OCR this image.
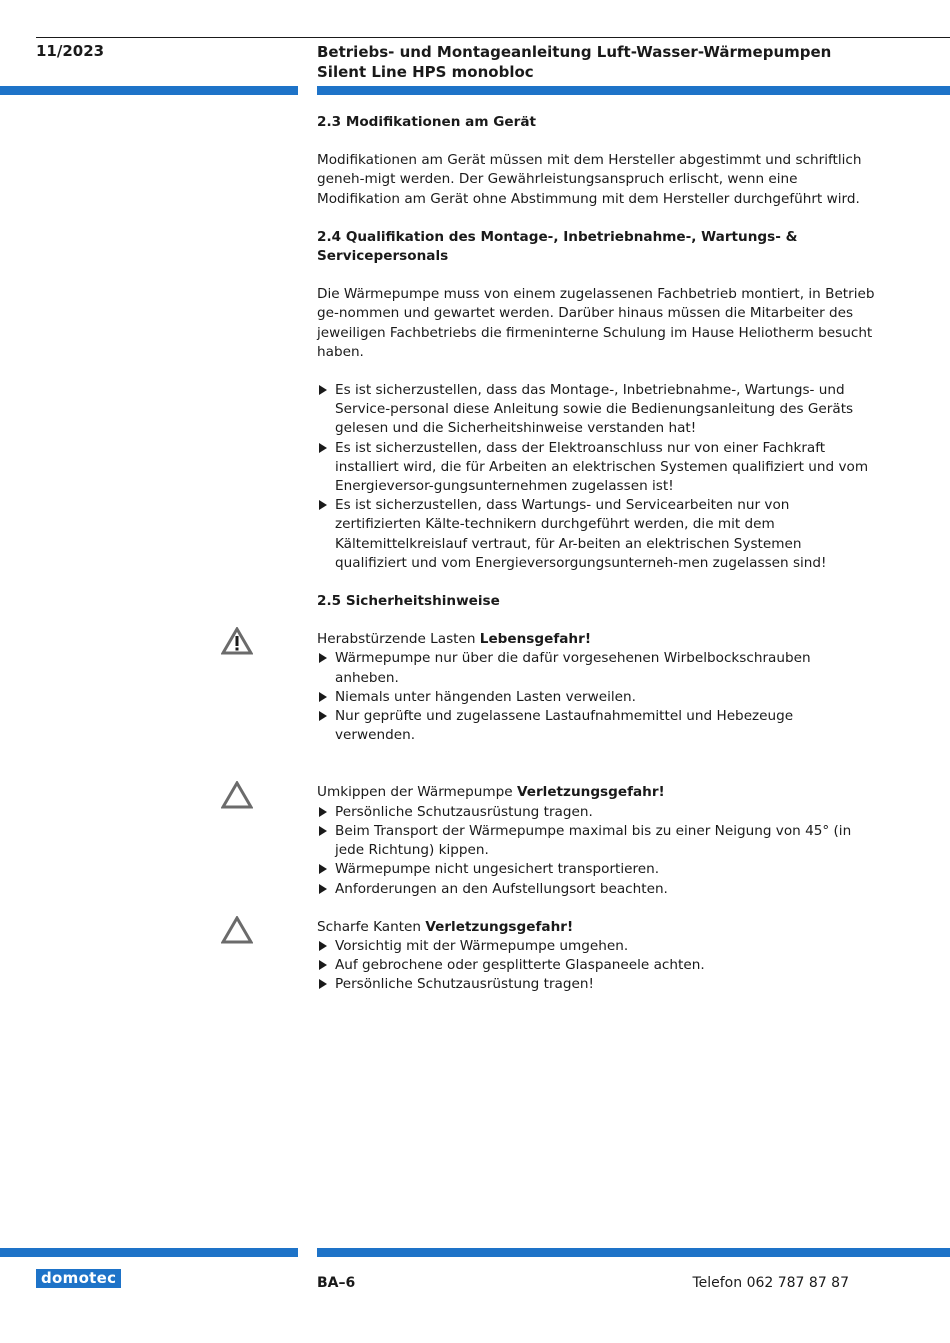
11/2023	Betriebs- und Montageanleitung Luft-Wasser-Wärmepumpen
Silent Line HPS monobloc
2.3 Modifikationen am Gerät

Modifikationen am Gerät müssen mit dem Hersteller abgestimmt und schriftlich geneh-migt werden. Der Gewährleistungsanspruch erlischt, wenn eine Modifikation am Gerät ohne Abstimmung mit dem Hersteller durchgeführt wird.

2.4 Qualifikation des Montage-, Inbetriebnahme-, Wartungs- & Servicepersonals

Die Wärmepumpe muss von einem zugelassenen Fachbetrieb montiert, in Betrieb ge-nommen und gewartet werden. Darüber hinaus müssen die Mitarbeiter des jeweiligen Fachbetriebs die firmeninterne Schulung im Hause Heliotherm besucht haben.

Es ist sicherzustellen, dass das Montage-, Inbetriebnahme-, Wartungs- und Service-personal diese Anleitung sowie die Bedienungsanleitung des Geräts gelesen und die Sicherheitshinweise verstanden hat!
Es ist sicherzustellen, dass der Elektroanschluss nur von einer Fachkraft installiert wird, die für Arbeiten an elektrischen Systemen qualifiziert und vom Energieversor-gungsunternehmen zugelassen ist!
Es ist sicherzustellen, dass Wartungs- und Servicearbeiten nur von zertifizierten Kälte-technikern durchgeführt werden, die mit dem Kältemittelkreislauf vertraut, für Ar-beiten an elektrischen Systemen qualifiziert und vom Energieversorgungsunterneh-men zugelassen sind!
2.5 Sicherheitshinweise
Herabstürzende Lasten Lebensgefahr!
Wärmepumpe nur über die dafür vorgesehenen Wirbelbockschrauben anheben.
Niemals unter hängenden Lasten verweilen.
Nur geprüfte und zugelassene Lastaufnahmemittel und Hebezeuge verwenden.
Umkippen der Wärmepumpe Verletzungsgefahr!
Persönliche Schutzausrüstung tragen.
Beim Transport der Wärmepumpe maximal bis zu einer Neigung von 45° (in jede Richtung) kippen.
Wärmepumpe nicht ungesichert transportieren.
Anforderungen an den Aufstellungsort beachten.
Scharfe Kanten Verletzungsgefahr!
Vorsichtig mit der Wärmepumpe umgehen.
Auf gebrochene oder gesplitterte Glaspaneele achten.
Persönliche Schutzausrüstung tragen!
domotec	BA–6	Telefon 062 787 87 87
